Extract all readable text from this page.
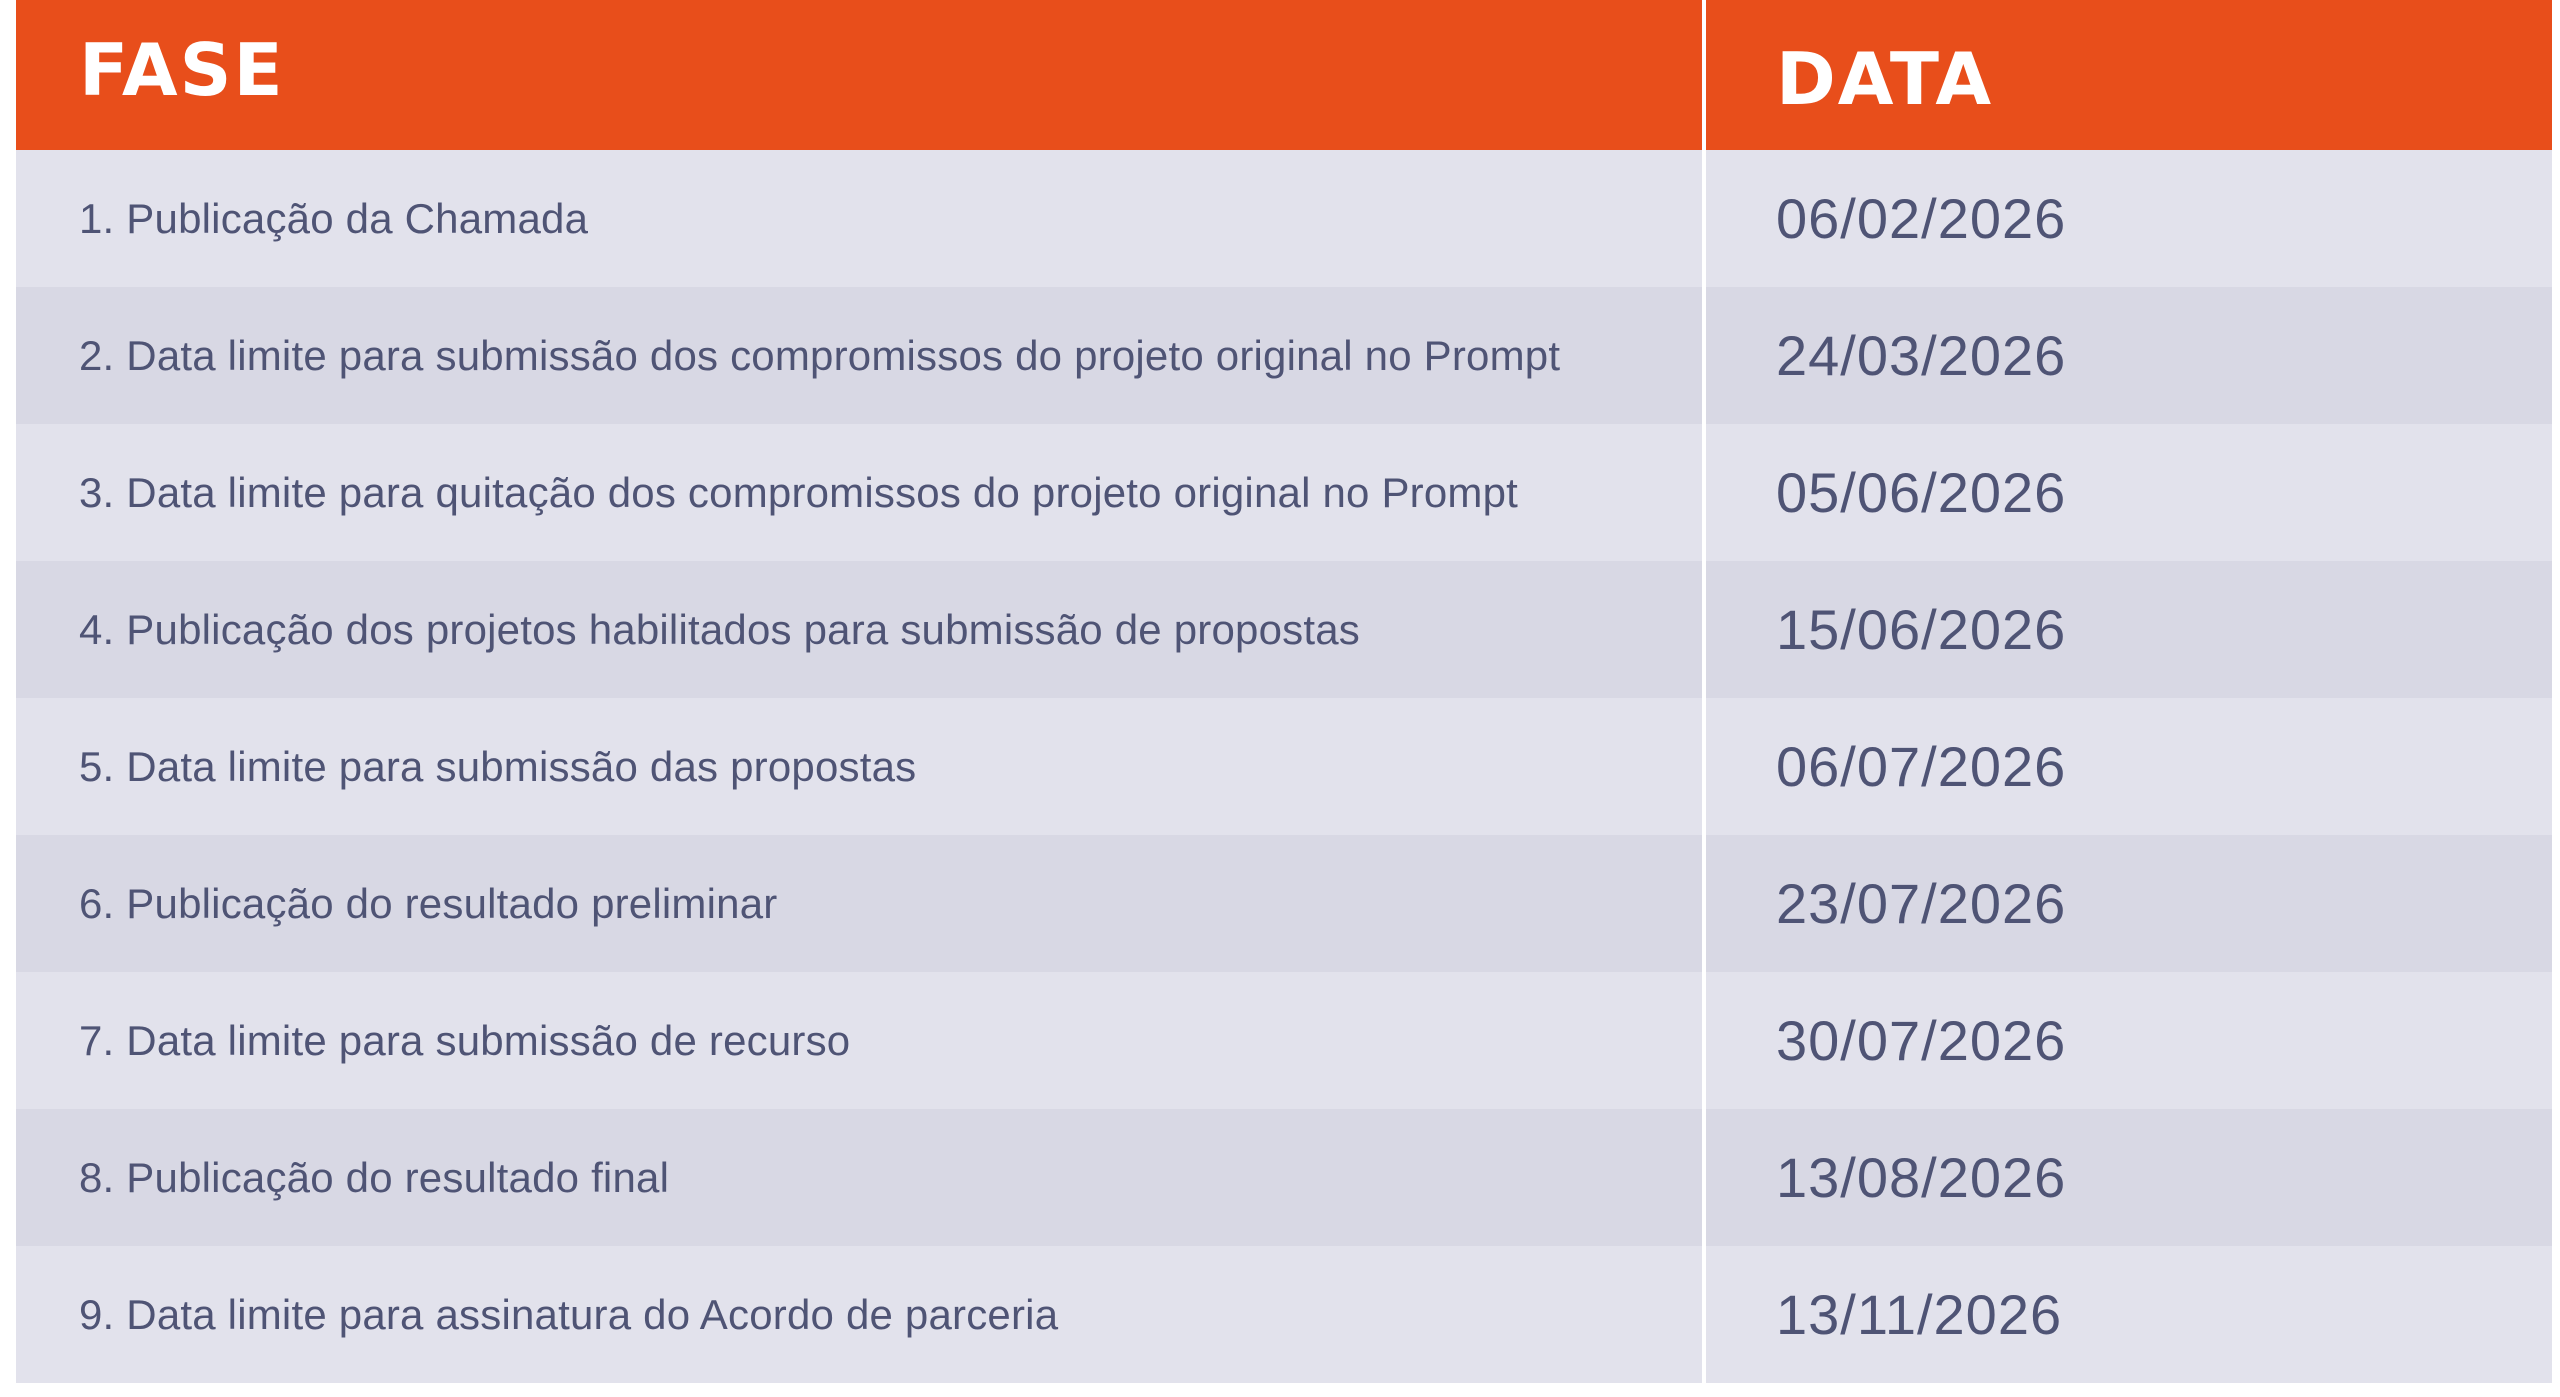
FASE	DATA
1. Publicação da Chamada	06/02/2026
2. Data limite para submissão dos compromissos do projeto original no Prompt	24/03/2026
3. Data limite para quitação dos compromissos do projeto original no Prompt	05/06/2026
4. Publicação dos projetos habilitados para submissão de propostas	15/06/2026
5. Data limite para submissão das propostas	06/07/2026
6. Publicação do resultado preliminar	23/07/2026
7. Data limite para submissão de recurso	30/07/2026
8. Publicação do resultado final	13/08/2026
9. Data limite para assinatura do Acordo de parceria	13/11/2026
